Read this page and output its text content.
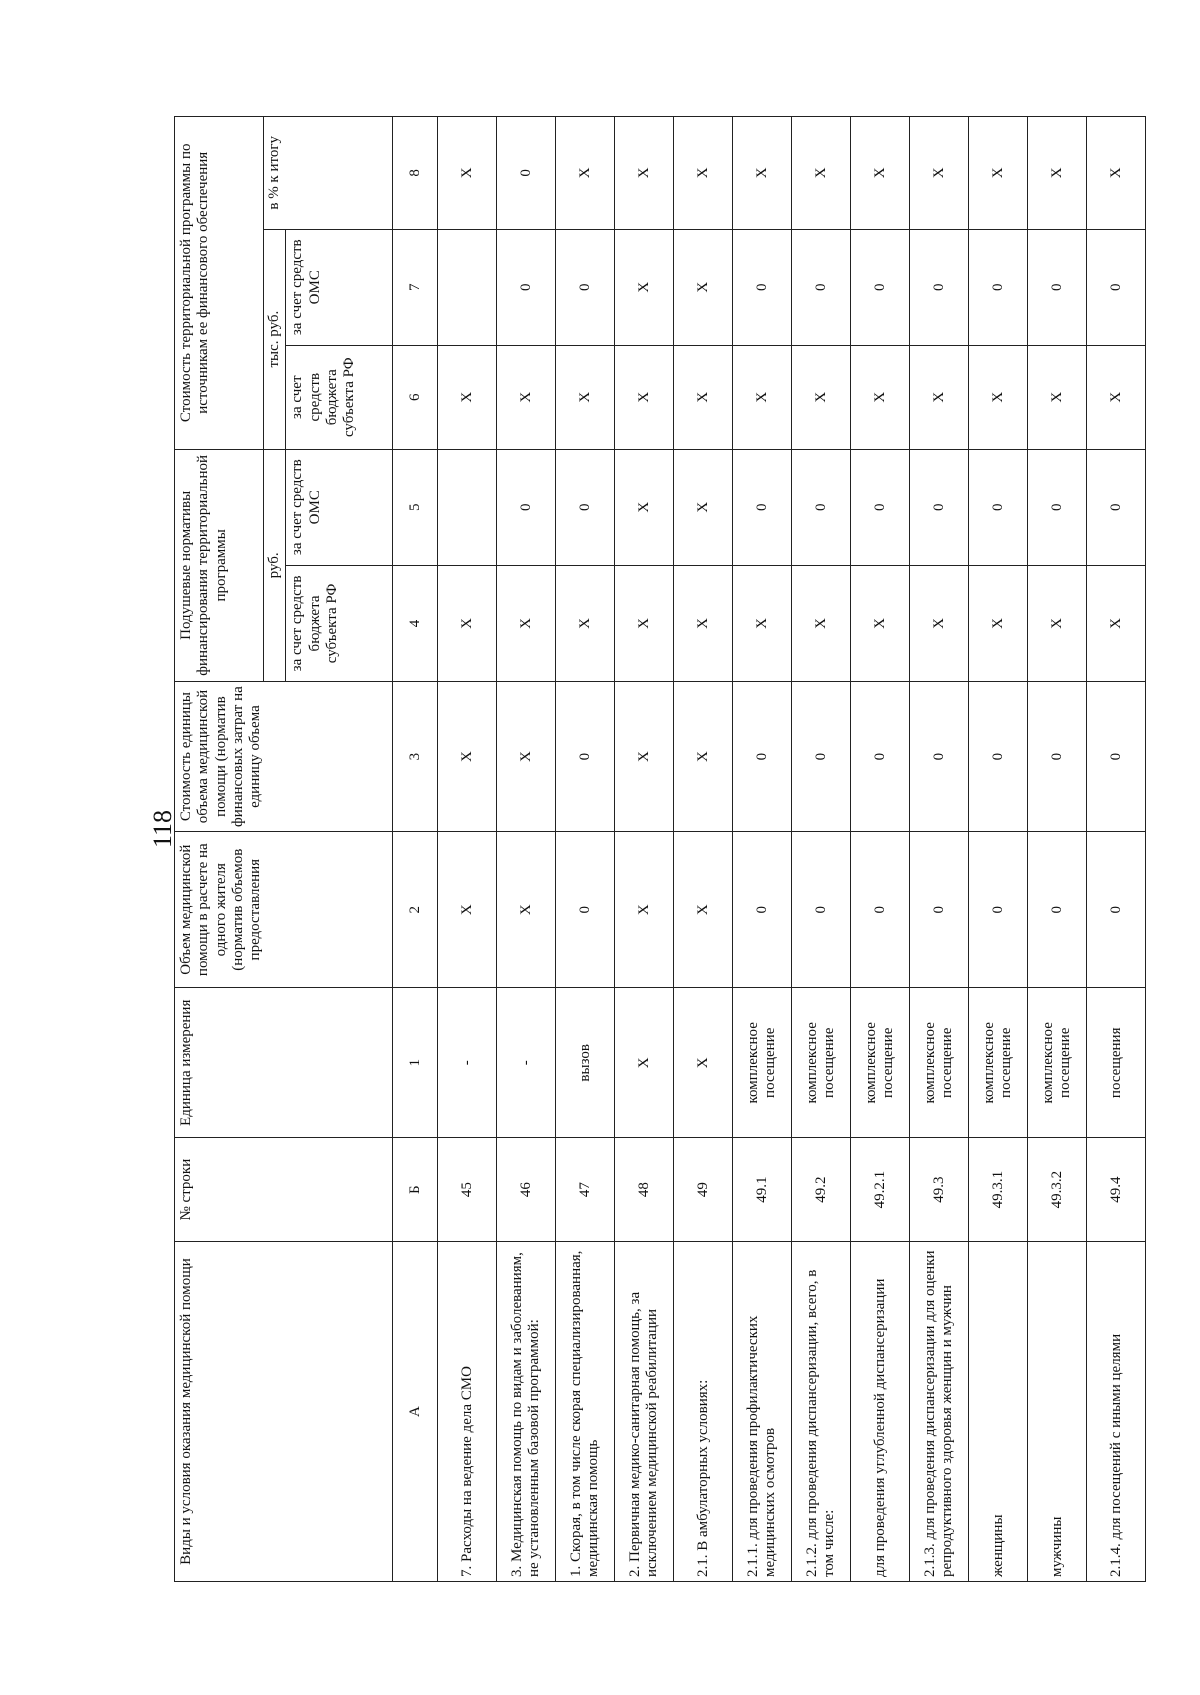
118
Виды и условия оказания медицинской помощи	№ строки	Единица измерения	Объем медицинской помощи в расчете на одного жителя (норматив объемов предоставления	Стоимость единицы объема медицинской помощи (норматив финансовых затрат на единицу объема	Подушевые нормативы финансирования территориальной программы		Стоимость территориальной программы по источникам ее финансового обеспечения		
					руб.		тыс. руб.		в % к итогу
					за счет средств бюджета субъекта РФ	за счет средств ОМС	за счет средств бюджета субъекта РФ	за счет средств ОМС	
А	Б	1	2	3	4	5	6	7	8
7. Расходы на ведение дела СМО	45	-	Х	Х	Х		Х		Х
3. Медицинская помощь по видам и заболеваниям, не установленным базовой программой:	46	-	Х	Х	Х	0	Х	0	0
1. Скорая, в том числе скорая специализированная, медицинская помощь	47	вызов	0	0	Х	0	Х	0	Х
2. Первичная медико-санитарная помощь, за исключением медицинской реабилитации	48	Х	Х	Х	Х	Х	Х	Х	Х
2.1. В амбулаторных условиях:	49	Х	Х	Х	Х	Х	Х	Х	Х
2.1.1. для проведения профилактических медицинских осмотров	49.1	комплексное посещение	0	0	Х	0	Х	0	Х
2.1.2. для проведения диспансеризации, всего, в том числе:	49.2	комплексное посещение	0	0	Х	0	Х	0	Х
для проведения углубленной диспансеризации	49.2.1	комплексное посещение	0	0	Х	0	Х	0	Х
2.1.3. для проведения диспансеризации для оценки репродуктивного здоровья женщин и мужчин	49.3	комплексное посещение	0	0	Х	0	Х	0	Х
женщины	49.3.1	комплексное посещение	0	0	Х	0	Х	0	Х
мужчины	49.3.2	комплексное посещение	0	0	Х	0	Х	0	Х
2.1.4. для посещений с иными целями	49.4	посещения	0	0	Х	0	Х	0	Х
